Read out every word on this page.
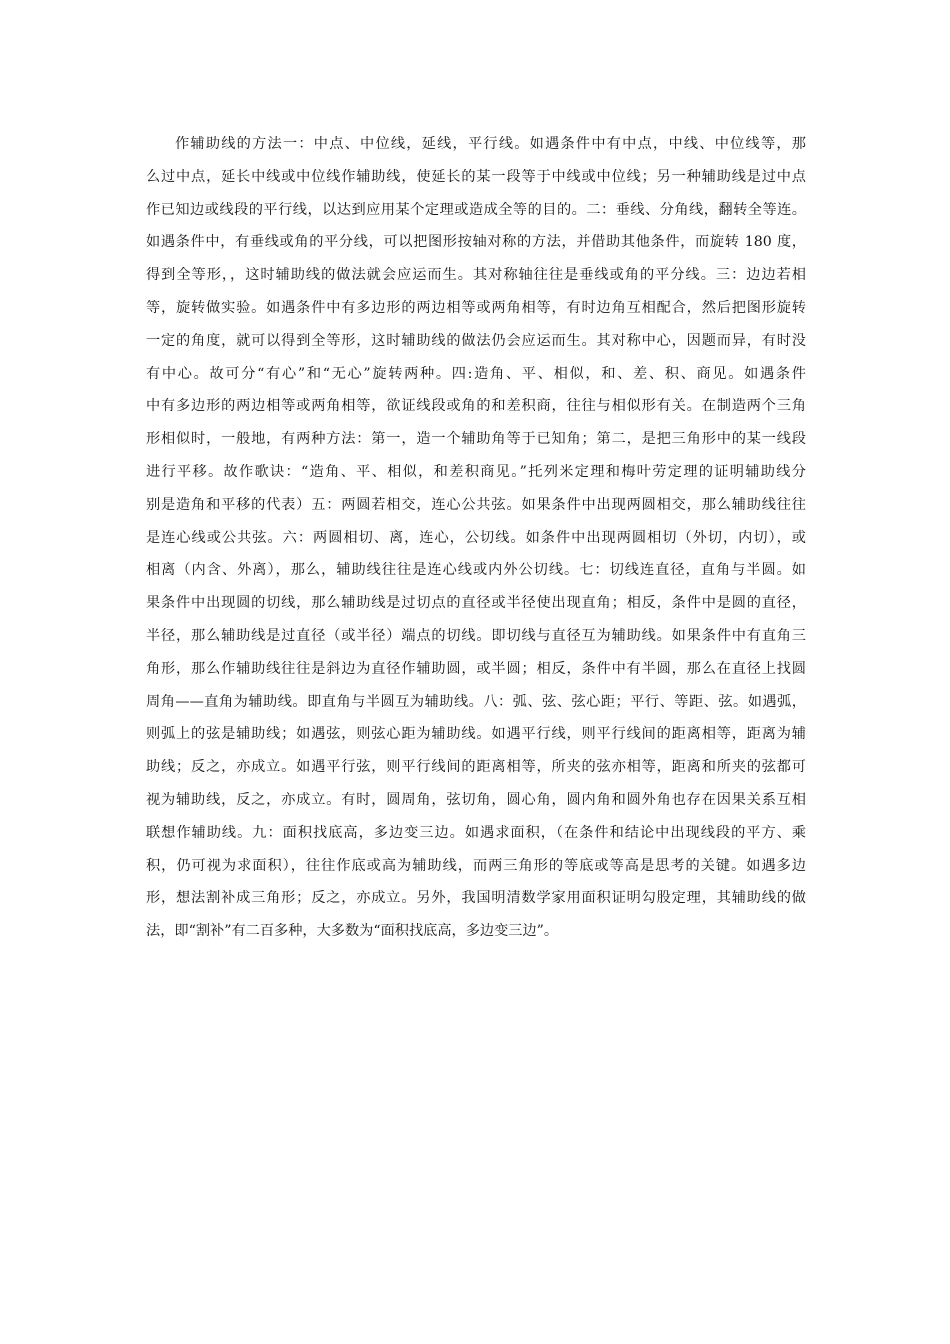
作辅助线的方法一：中点、中位线，延线，平行线。如遇条件中有中点，中线、中位线等，那
么过中点，延长中线或中位线作辅助线，使延长的某一段等于中线或中位线；另一种辅助线是过中点
作已知边或线段的平行线，以达到应用某个定理或造成全等的目的。二：垂线、分角线，翻转全等连。
如遇条件中，有垂线或角的平分线，可以把图形按轴对称的方法，并借助其他条件，而旋转 180 度，
得到全等形，，这时辅助线的做法就会应运而生。其对称轴往往是垂线或角的平分线。三：边边若相
等，旋转做实验。如遇条件中有多边形的两边相等或两角相等，有时边角互相配合，然后把图形旋转
一定的角度，就可以得到全等形，这时辅助线的做法仍会应运而生。其对称中心，因题而异，有时没
有中心。故可分“有心”和“无心”旋转两种。四:造角、平、相似，和、差、积、商见。如遇条件
中有多边形的两边相等或两角相等，欲证线段或角的和差积商，往往与相似形有关。在制造两个三角
形相似时，一般地，有两种方法：第一，造一个辅助角等于已知角；第二，是把三角形中的某一线段
进行平移。故作歌诀：“造角、平、相似，和差积商见。”托列米定理和梅叶劳定理的证明辅助线分
别是造角和平移的代表）五：两圆若相交，连心公共弦。如果条件中出现两圆相交，那么辅助线往往
是连心线或公共弦。六：两圆相切、离，连心，公切线。如条件中出现两圆相切（外切，内切），或
相离（内含、外离），那么，辅助线往往是连心线或内外公切线。七：切线连直径，直角与半圆。如
果条件中出现圆的切线，那么辅助线是过切点的直径或半径使出现直角；相反，条件中是圆的直径，
半径，那么辅助线是过直径（或半径）端点的切线。即切线与直径互为辅助线。如果条件中有直角三
角形，那么作辅助线往往是斜边为直径作辅助圆，或半圆；相反，条件中有半圆，那么在直径上找圆
周角——直角为辅助线。即直角与半圆互为辅助线。八：弧、弦、弦心距；平行、等距、弦。如遇弧，
则弧上的弦是辅助线；如遇弦，则弦心距为辅助线。如遇平行线，则平行线间的距离相等，距离为辅
助线；反之，亦成立。如遇平行弦，则平行线间的距离相等，所夹的弦亦相等，距离和所夹的弦都可
视为辅助线，反之，亦成立。有时，圆周角，弦切角，圆心角，圆内角和圆外角也存在因果关系互相
联想作辅助线。九：面积找底高，多边变三边。如遇求面积，（在条件和结论中出现线段的平方、乘
积，仍可视为求面积），往往作底或高为辅助线，而两三角形的等底或等高是思考的关键。如遇多边
形，想法割补成三角形；反之，亦成立。另外，我国明清数学家用面积证明勾股定理，其辅助线的做
法，即“割补”有二百多种，大多数为“面积找底高，多边变三边”。
